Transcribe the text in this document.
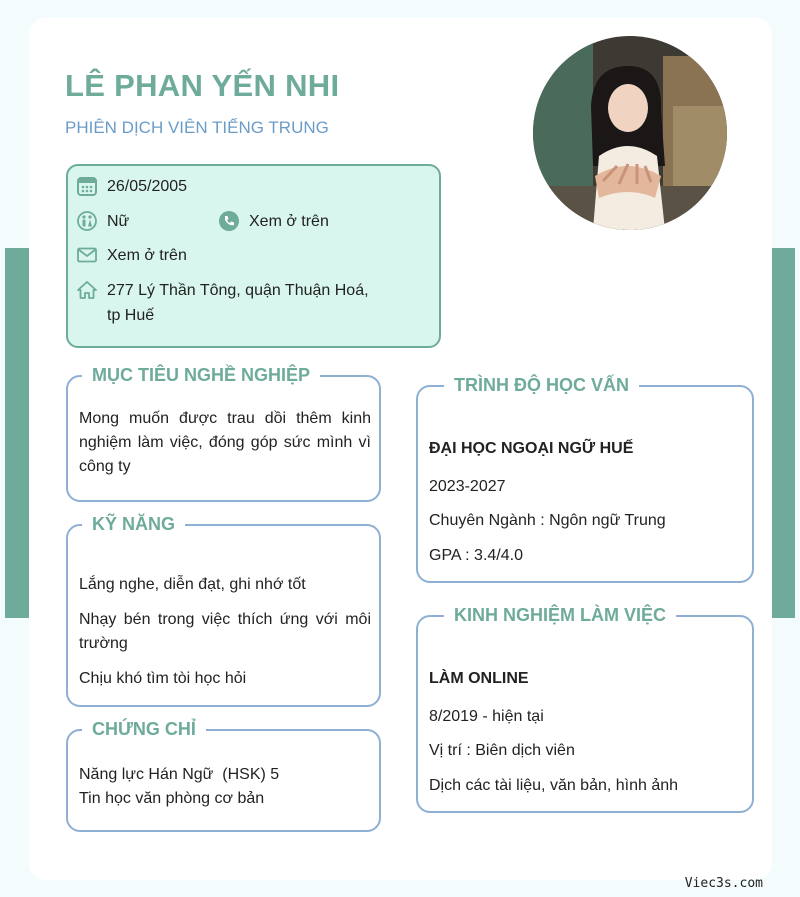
LÊ PHAN YẾN NHI
PHIÊN DỊCH VIÊN TIẾNG TRUNG
26/05/2005
Nữ	Xem ở trên
Xem ở trên
277 Lý Thần Tông, quận Thuận Hoá,
tp Huế
MỤC TIÊU NGHỀ NGHIỆP
Mong muốn được trau dồi thêm kinh nghiệm làm việc, đóng góp sức mình vì công ty
KỸ NĂNG
Lắng nghe, diễn đạt, ghi nhớ tốt
Nhạy bén trong việc thích ứng với môi trường
Chịu khó tìm tòi học hỏi
CHỨNG CHỈ
Năng lực Hán Ngữ  (HSK) 5
Tin học văn phòng cơ bản
TRÌNH ĐỘ HỌC VẤN
ĐẠI HỌC NGOẠI NGỮ HUẾ
2023-2027
Chuyên Ngành : Ngôn ngữ Trung
GPA : 3.4/4.0
KINH NGHIỆM LÀM VIỆC
LÀM ONLINE
8/2019 - hiện tại
Vị trí : Biên dịch viên
Dịch các tài liệu, văn bản, hình ảnh
Viec3s.com
